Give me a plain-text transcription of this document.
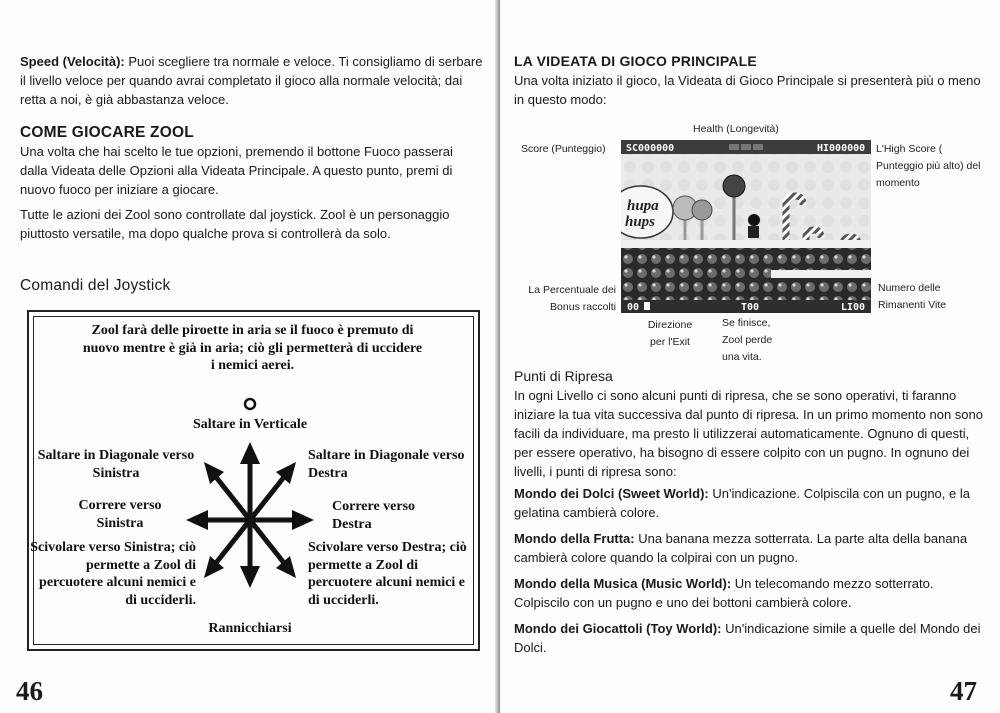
Speed (Velocità): Puoi scegliere tra normale e veloce. Ti consigliamo di serbare il livello veloce per quando avrai completato il gioco alla normale velocità; dai retta a noi, è già abbastanza veloce.

COME GIOCARE ZOOL

Una volta che hai scelto le tue opzioni, premendo il bottone Fuoco passerai dalla Videata delle Opzioni alla Videata Principale. A questo punto, premi di nuovo fuoco per iniziare a giocare.

Tutte le azioni dei Zool sono controllate dal joystick. Zool è un personaggio piuttosto versatile, ma dopo qualche prova si controllerà da solo.

Comandi del Joystick
Zool farà delle piroette in aria se il fuoco è premuto di nuovo mentre è già in aria; ciò gli permetterà di uccidere i nemici aerei.
Saltare in Verticale
Saltare in Diagonale verso Sinistra
Saltare in Diagonale verso Destra
Correre verso Sinistra
Correre verso Destra
Scivolare verso Sinistra; ciò permette a Zool di percuotere alcuni nemici e di ucciderli.
Scivolare verso Destra; ciò permette a Zool di percuotere alcuni nemici e di ucciderli.
Rannicchiarsi
46
LA VIDEATA DI GIOCO PRINCIPALE

Una volta iniziato il gioco, la Videata di Gioco Principale si presenterà più o meno in questo modo:

Health (Longevità)
Score (Punteggio)	L'High Score ( Punteggio più alto) del momento
La Percentuale dei Bonus raccolti
Numero delle Rimanenti Vite
Direzione per l'Exit
Se finisce, Zool perde una vita.
hupa
hups
SC000000	HI000000
00	T00	LI00
Punti di Ripresa

In ogni Livello ci sono alcuni punti di ripresa, che se sono operativi, ti faranno iniziare la tua vita successiva dal punto di ripresa. In un primo momento non sono facili da individuare, ma presto li utilizzerai automaticamente. Ognuno di questi, per essere operativo, ha bisogno di essere colpito con un pugno. In ognuno dei livelli, i punti di ripresa sono:

Mondo dei Dolci (Sweet World): Un'indicazione. Colpiscila con un pugno, e la gelatina cambierà colore.

Mondo della Frutta: Una banana mezza sotterrata. La parte alta della banana cambierà colore quando la colpirai con un pugno.

Mondo della Musica (Music World): Un telecomando mezzo sotterrato. Colpiscilo con un pugno e uno dei bottoni cambierà colore.

Mondo dei Giocattoli (Toy World): Un'indicazione simile a quelle del Mondo dei Dolci.

47
